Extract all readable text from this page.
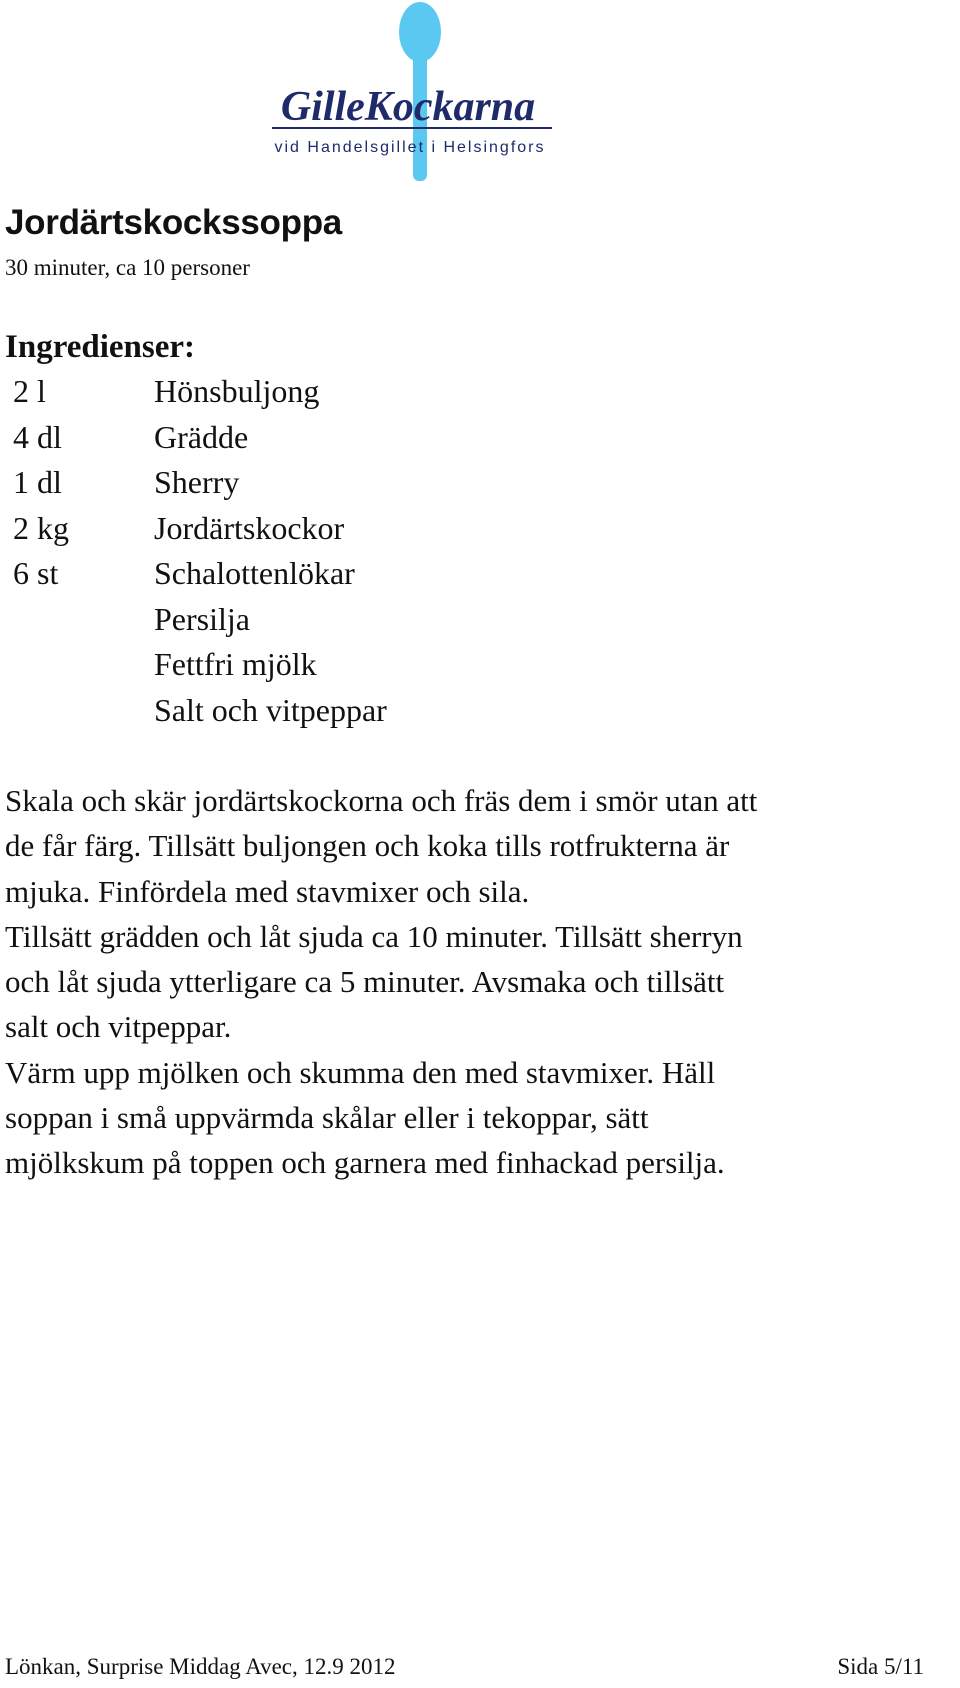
GilleKockarna
vid Handelsgillet i Helsingfors
Jordärtskockssoppa
30 minuter, ca 10 personer
Ingredienser:
2 l	Hönsbuljong
4 dl	Grädde
1 dl	Sherry
2 kg	Jordärtskockor
6 st	Schalottenlökar
Persilja
Fettfri mjölk
Salt och vitpeppar
Skala och skär jordärtskockorna och fräs dem i smör utan att
de får färg. Tillsätt buljongen och koka tills rotfrukterna är
mjuka. Finfördela med stavmixer och sila.
Tillsätt grädden och låt sjuda ca 10 minuter. Tillsätt sherryn
och låt sjuda ytterligare ca 5 minuter. Avsmaka och tillsätt
salt och vitpeppar.
Värm upp mjölken och skumma den med stavmixer. Häll
soppan i små uppvärmda skålar eller i tekoppar, sätt
mjölkskum på toppen och garnera med finhackad persilja.
Lönkan, Surprise Middag Avec, 12.9 2012	Sida 5/11
